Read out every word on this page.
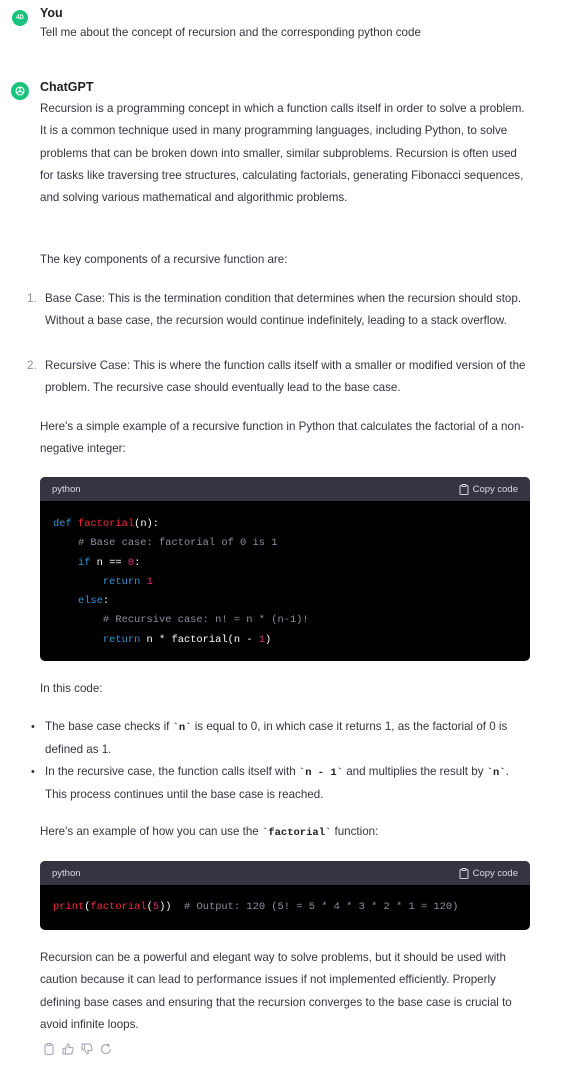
4D	You
Tell me about the concept of recursion and the corresponding python code
ChatGPT
Recursion is a programming concept in which a function calls itself in order to solve a problem. It is a common technique used in many programming languages, including Python, to solve problems that can be broken down into smaller, similar subproblems. Recursion is often used for tasks like traversing tree structures, calculating factorials, generating Fibonacci sequences, and solving various mathematical and algorithmic problems.
The key components of a recursive function are:
1. Base Case: This is the termination condition that determines when the recursion should stop. Without a base case, the recursion would continue indefinitely, leading to a stack overflow.
2. Recursive Case: This is where the function calls itself with a smaller or modified version of the problem. The recursive case should eventually lead to the base case.
Here's a simple example of a recursive function in Python that calculates the factorial of a non-negative integer:
python	Copy code
def factorial(n):
# Base case: factorial of 0 is 1
if n == 0:
return 1
else:
# Recursive case: n! = n * (n-1)!
return n * factorial(n - 1)
In this code:
• The base case checks if `n` is equal to 0, in which case it returns 1, as the factorial of 0 is defined as 1.
• In the recursive case, the function calls itself with `n - 1` and multiplies the result by `n`. This process continues until the base case is reached.
Here's an example of how you can use the `factorial` function:
python	Copy code
print(factorial(5))  # Output: 120 (5! = 5 * 4 * 3 * 2 * 1 = 120)
Recursion can be a powerful and elegant way to solve problems, but it should be used with caution because it can lead to performance issues if not implemented efficiently. Properly defining base cases and ensuring that the recursion converges to the base case is crucial to avoid infinite loops.
